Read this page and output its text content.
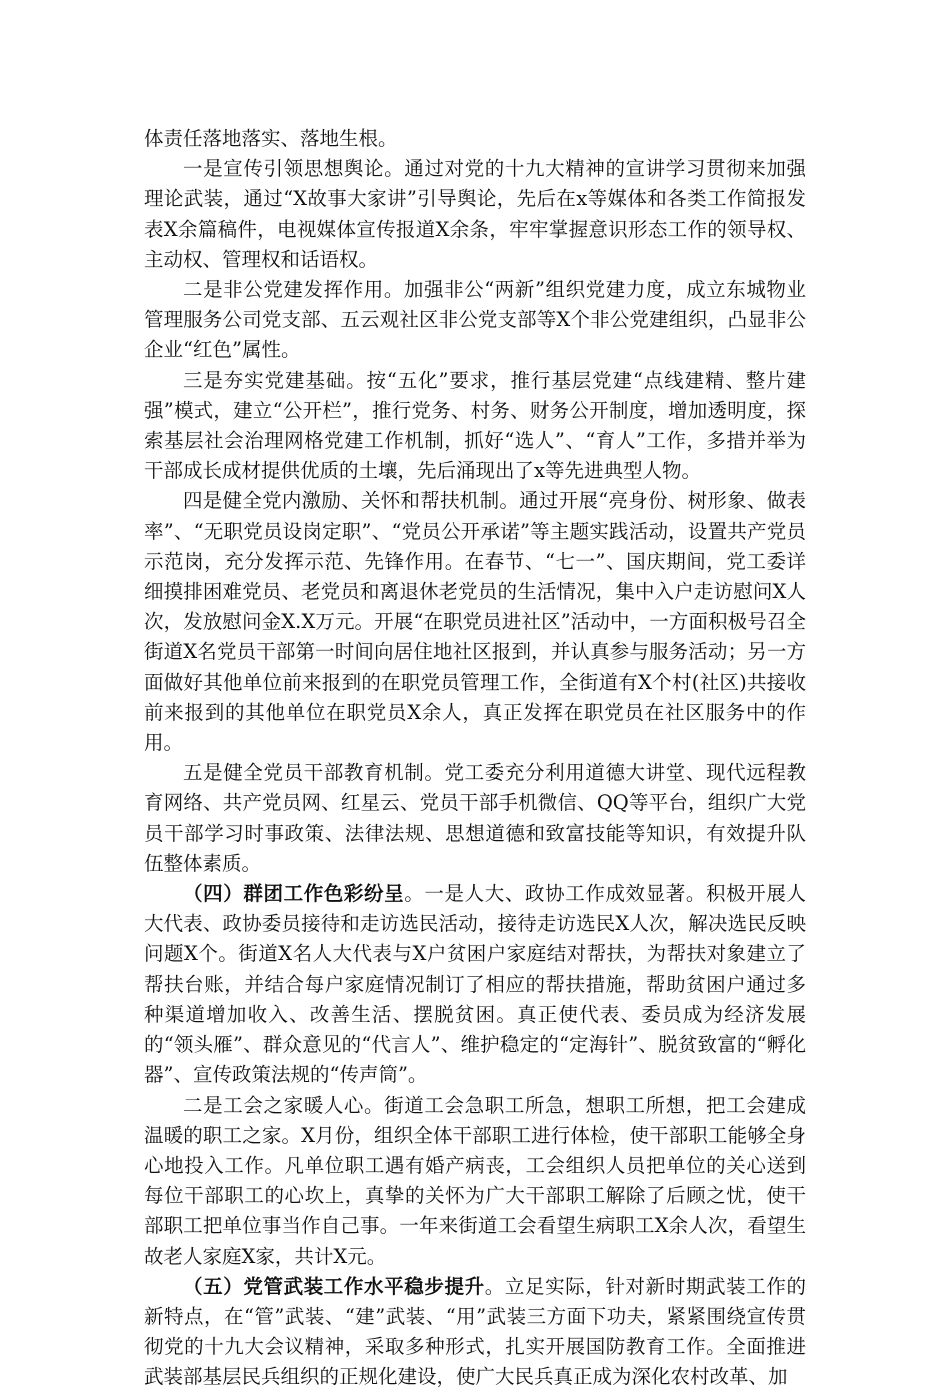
体责任落地落实、落地生根。

一是宣传引领思想舆论。通过对党的十九大精神的宣讲学习贯彻来加强理论武装，通过“X故事大家讲”引导舆论，先后在x等媒体和各类工作简报发表X余篇稿件，电视媒体宣传报道X余条，牢牢掌握意识形态工作的领导权、主动权、管理权和话语权。

二是非公党建发挥作用。加强非公“两新”组织党建力度，成立东城物业管理服务公司党支部、五云观社区非公党支部等X个非公党建组织，凸显非公企业“红色”属性。

三是夯实党建基础。按“五化”要求，推行基层党建“点线建精、整片建强”模式，建立“公开栏”，推行党务、村务、财务公开制度，增加透明度，探索基层社会治理网格党建工作机制，抓好“选人”、“育人”工作，多措并举为干部成长成材提供优质的土壤，先后涌现出了x等先进典型人物。

四是健全党内激励、关怀和帮扶机制。通过开展“亮身份、树形象、做表率”、“无职党员设岗定职”、“党员公开承诺”等主题实践活动，设置共产党员示范岗，充分发挥示范、先锋作用。在春节、“七一”、国庆期间，党工委详细摸排困难党员、老党员和离退休老党员的生活情况，集中入户走访慰问X人次，发放慰问金X.X万元。开展“在职党员进社区”活动中，一方面积极号召全街道X名党员干部第一时间向居住地社区报到，并认真参与服务活动；另一方面做好其他单位前来报到的在职党员管理工作，全街道有X个村(社区)共接收前来报到的其他单位在职党员X余人，真正发挥在职党员在社区服务中的作用。

五是健全党员干部教育机制。党工委充分利用道德大讲堂、现代远程教育网络、共产党员网、红星云、党员干部手机微信、QQ等平台，组织广大党员干部学习时事政策、法律法规、思想道德和致富技能等知识，有效提升队伍整体素质。

（四）群团工作色彩纷呈。一是人大、政协工作成效显著。积极开展人大代表、政协委员接待和走访选民活动，接待走访选民X人次，解决选民反映问题X个。街道X名人大代表与X户贫困户家庭结对帮扶，为帮扶对象建立了帮扶台账，并结合每户家庭情况制订了相应的帮扶措施，帮助贫困户通过多种渠道增加收入、改善生活、摆脱贫困。真正使代表、委员成为经济发展的“领头雁”、群众意见的“代言人”、维护稳定的“定海针”、脱贫致富的“孵化器”、宣传政策法规的“传声筒”。

二是工会之家暖人心。街道工会急职工所急，想职工所想，把工会建成温暖的职工之家。X月份，组织全体干部职工进行体检，使干部职工能够全身心地投入工作。凡单位职工遇有婚产病丧，工会组织人员把单位的关心送到每位干部职工的心坎上，真挚的关怀为广大干部职工解除了后顾之忧，使干部职工把单位事当作自己事。一年来街道工会看望生病职工X余人次，看望生故老人家庭X家，共计X元。

（五）党管武装工作水平稳步提升。立足实际，针对新时期武装工作的新特点，在“管”武装、“建”武装、“用”武装三方面下功夫，紧紧围绕宣传贯彻党的十九大会议精神，采取多种形式，扎实开展国防教育工作。全面推进武装部基层民兵组织的正规化建设，使广大民兵真正成为深化农村改革、加
